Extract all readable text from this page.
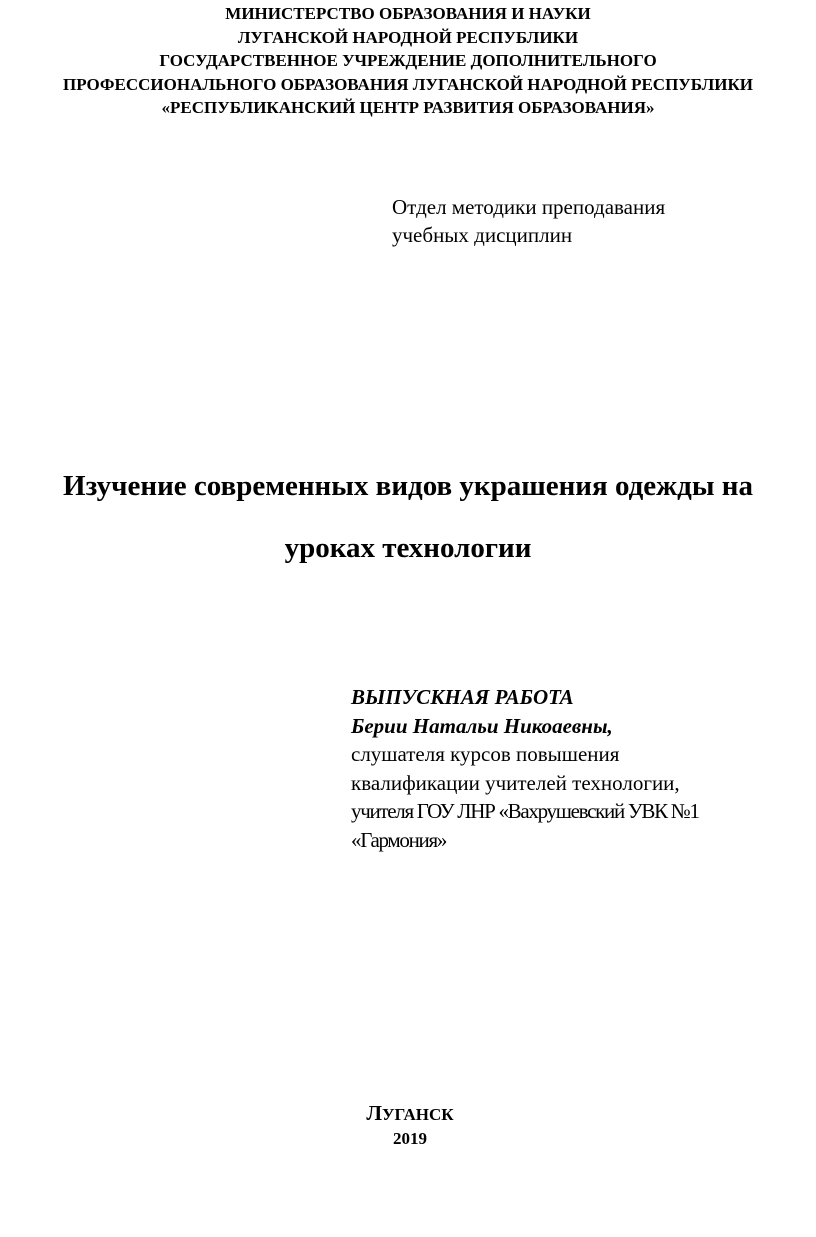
МИНИСТЕРСТВО ОБРАЗОВАНИЯ И НАУКИ
ЛУГАНСКОЙ НАРОДНОЙ РЕСПУБЛИКИ
ГОСУДАРСТВЕННОЕ УЧРЕЖДЕНИЕ ДОПОЛНИТЕЛЬНОГО
ПРОФЕССИОНАЛЬНОГО ОБРАЗОВАНИЯ ЛУГАНСКОЙ НАРОДНОЙ РЕСПУБЛИКИ
«РЕСПУБЛИКАНСКИЙ ЦЕНТР РАЗВИТИЯ ОБРАЗОВАНИЯ»
Отдел методики преподавания
учебных дисциплин
Изучение современных видов украшения одежды на
уроках технологии
ВЫПУСКНАЯ РАБОТА
Берии Натальи Никоаевны,
слушателя курсов повышения
квалификации учителей технологии,
учителя ГОУ ЛНР «Вахрушевский УВК №1
«Гармония»
ЛУГАНСК
2019
